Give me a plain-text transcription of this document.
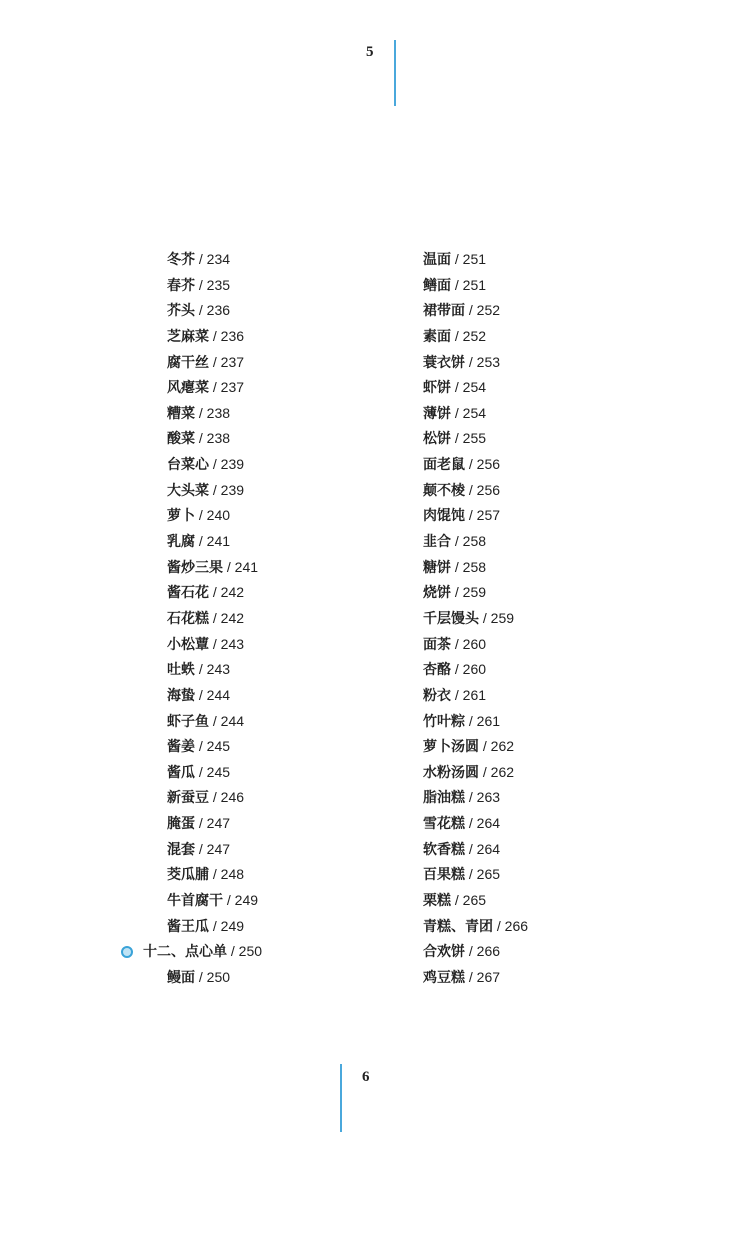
5
冬芥 / 234
春芥 / 235
芥头 / 236
芝麻菜 / 236
腐干丝 / 237
风瘪菜 / 237
糟菜 / 238
酸菜 / 238
台菜心 / 239
大头菜 / 239
萝卜 / 240
乳腐 / 241
酱炒三果 / 241
酱石花 / 242
石花糕 / 242
小松蕈 / 243
吐蛈 / 243
海蛰 / 244
虾子鱼 / 244
酱姜 / 245
酱瓜 / 245
新蚕豆 / 246
腌蛋 / 247
混套 / 247
茭瓜脯 / 248
牛首腐干 / 249
酱王瓜 / 249
十二、点心单 / 250
鳗面 / 250
温面 / 251
鳝面 / 251
裙带面 / 252
素面 / 252
蓑衣饼 / 253
虾饼 / 254
薄饼 / 254
松饼 / 255
面老鼠 / 256
颠不棱 / 256
肉馄饨 / 257
韭合 / 258
糖饼 / 258
烧饼 / 259
千层馒头 / 259
面茶 / 260
杏酪 / 260
粉衣 / 261
竹叶粽 / 261
萝卜汤圆 / 262
水粉汤圆 / 262
脂油糕 / 263
雪花糕 / 264
软香糕 / 264
百果糕 / 265
栗糕 / 265
青糕、青团 / 266
合欢饼 / 266
鸡豆糕 / 267
6
